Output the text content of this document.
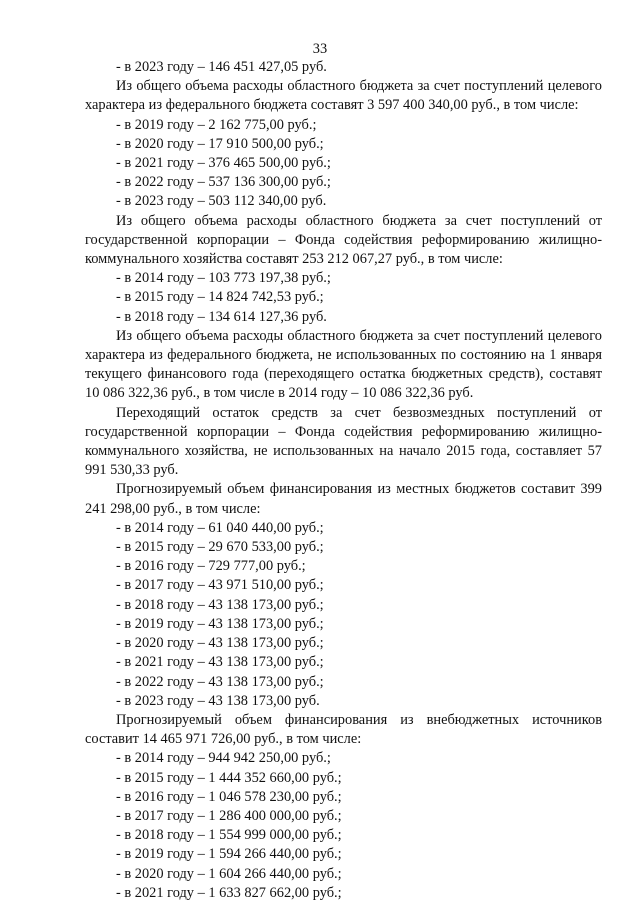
33
- в 2023 году – 146 451 427,05 руб.
Из общего объема расходы областного бюджета за счет поступлений целевого характера из федерального бюджета составят 3 597 400 340,00 руб., в том числе:
- в 2019 году – 2 162 775,00 руб.;
- в 2020 году – 17 910 500,00 руб.;
- в 2021 году – 376 465 500,00 руб.;
- в 2022 году – 537 136 300,00 руб.;
- в 2023 году – 503 112 340,00 руб.
Из общего объема расходы областного бюджета за счет поступлений от государственной корпорации – Фонда содействия реформированию жилищно-коммунального хозяйства составят 253 212 067,27 руб., в том числе:
- в 2014 году – 103 773 197,38 руб.;
- в 2015 году – 14 824 742,53 руб.;
- в 2018 году – 134 614 127,36 руб.
Из общего объема расходы областного бюджета за счет поступлений целевого характера из федерального бюджета, не использованных по состоянию на 1 января текущего финансового года (переходящего остатка бюджетных средств), составят 10 086 322,36 руб., в том числе в 2014 году – 10 086 322,36 руб.
Переходящий остаток средств за счет безвозмездных поступлений от государственной корпорации – Фонда содействия реформированию жилищно-коммунального хозяйства, не использованных на начало 2015 года, составляет 57 991 530,33 руб.
Прогнозируемый объем финансирования из местных бюджетов составит 399 241 298,00 руб., в том числе:
- в 2014 году – 61 040 440,00 руб.;
- в 2015 году – 29 670 533,00 руб.;
- в 2016 году – 729 777,00 руб.;
- в 2017 году – 43 971 510,00 руб.;
- в 2018 году – 43 138 173,00 руб.;
- в 2019 году – 43 138 173,00 руб.;
- в 2020 году – 43 138 173,00 руб.;
- в 2021 году – 43 138 173,00 руб.;
- в 2022 году – 43 138 173,00 руб.;
- в 2023 году – 43 138 173,00 руб.
Прогнозируемый объем финансирования из внебюджетных источников составит 14 465 971 726,00 руб., в том числе:
- в 2014 году – 944 942 250,00 руб.;
- в 2015 году – 1 444 352 660,00 руб.;
- в 2016 году – 1 046 578 230,00 руб.;
- в 2017 году – 1 286 400 000,00 руб.;
- в 2018 году – 1 554 999 000,00 руб.;
- в 2019 году – 1 594 266 440,00 руб.;
- в 2020 году – 1 604 266 440,00 руб.;
- в 2021 году – 1 633 827 662,00 руб.;
